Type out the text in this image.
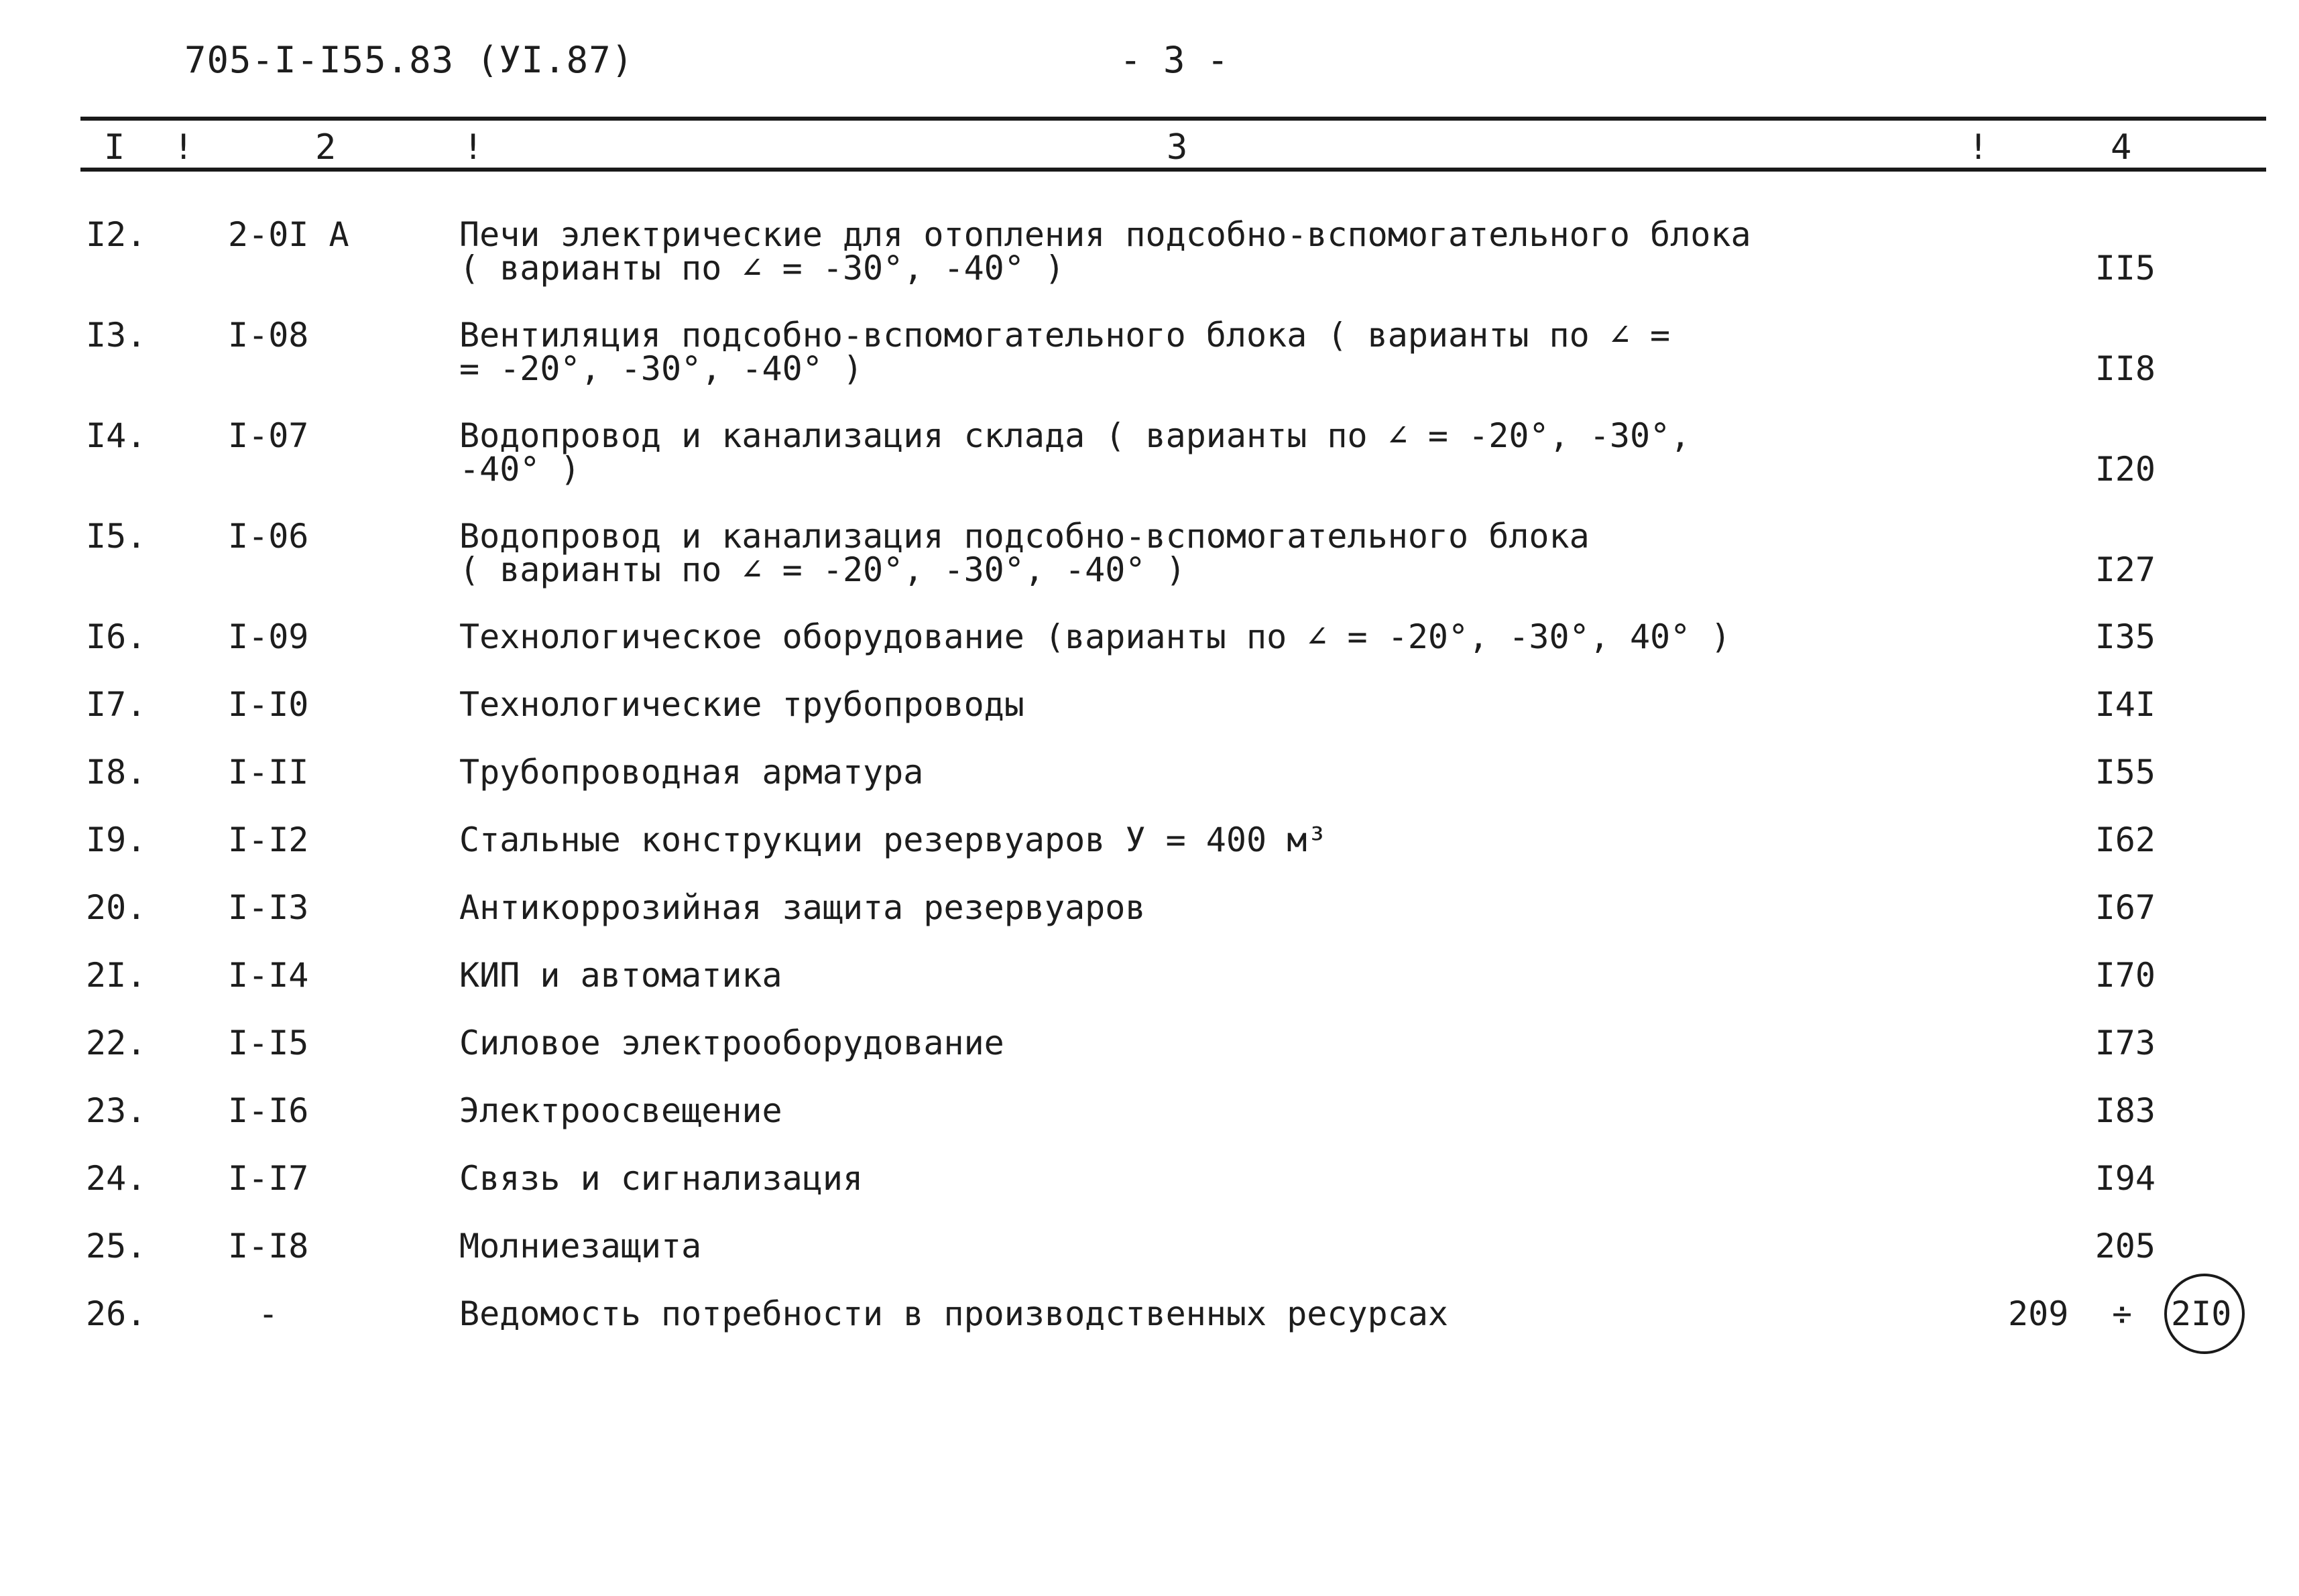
705-I-I55.83 (УI.87)	- 3 -
I !	2	!	3	!	4
I2. 2-0I А	Печи электрические для отопления подсобно-вспомогательного блока
( варианты по ∠ = -30°, -40° )	II5
I3. I-08	Вентиляция подсобно-вспомогательного блока ( варианты по ∠ =
= -20°, -30°, -40° )	II8
I4. I-07	Водопровод и канализация склада ( варианты по ∠ = -20°, -30°,
-40° )	I20
I5. I-06	Водопровод и канализация подсобно-вспомогательного блока
( варианты по ∠ = -20°, -30°, -40° )	I27
I6. I-09	Технологическое оборудование (варианты по ∠ = -20°, -30°, 40° )	I35
I7. I-I0	Технологические трубопроводы	I4I
I8. I-II	Трубопроводная арматура	I55
I9. I-I2	Стальные конструкции резервуаров У = 400 м³	I62
20. I-I3	Антикоррозийная защита резервуаров	I67
2I. I-I4	КИП и автоматика	I70
22. I-I5	Силовое электрооборудование	I73
23. I-I6	Электроосвещение	I83
24. I-I7	Связь и сигнализация	I94
25. I-I8	Молниезащита	205
26.	-	Ведомость потребности в производственных ресурсах	209 ÷ 2I0
